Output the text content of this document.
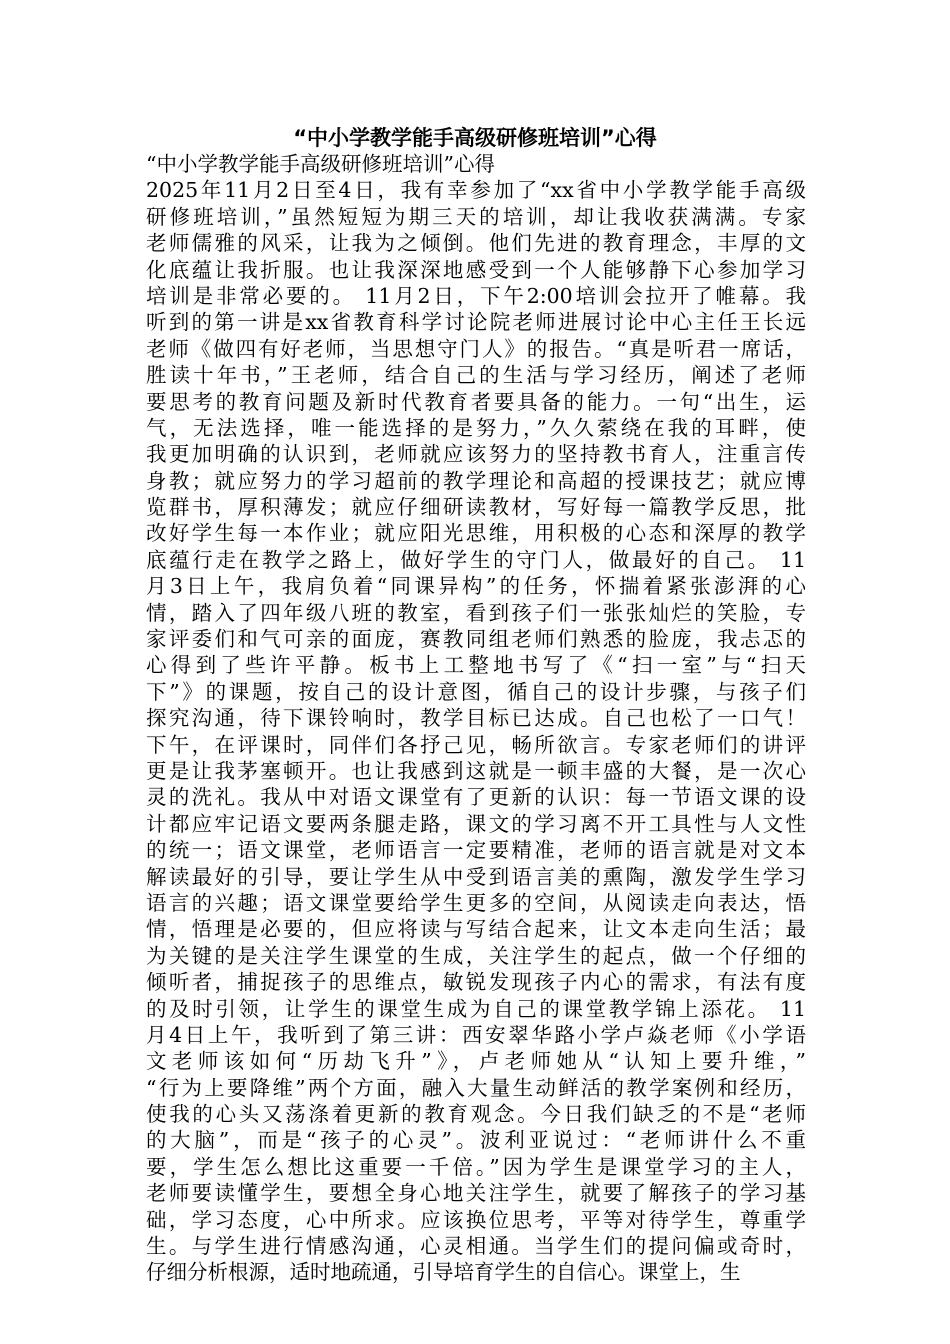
“中小学教学能手高级研修班培训”心得
“中小学教学能手高级研修班培训”心得
2025年11月2日至4日，我有幸参加了“xx省中小学教学能手高级
研修班培训，”虽然短短为期三天的培训，却让我收获满满。专家
老师儒雅的风采，让我为之倾倒。他们先进的教育理念，丰厚的文
化底蕴让我折服。也让我深深地感受到一个人能够静下心参加学习
培训是非常必要的。 11月2日，下午2:00培训会拉开了帷幕。我
听到的第一讲是xx省教育科学讨论院老师进展讨论中心主任王长远
老师《做四有好老师，当思想守门人》的报告。“真是听君一席话，
胜读十年书，”王老师，结合自己的生活与学习经历，阐述了老师
要思考的教育问题及新时代教育者要具备的能力。一句“出生，运
气，无法选择，唯一能选择的是努力，”久久萦绕在我的耳畔，使
我更加明确的认识到，老师就应该努力的坚持教书育人，注重言传
身教；就应努力的学习超前的教学理论和高超的授课技艺；就应博
览群书，厚积薄发；就应仔细研读教材，写好每一篇教学反思，批
改好学生每一本作业；就应阳光思维，用积极的心态和深厚的教学
底蕴行走在教学之路上，做好学生的守门人，做最好的自己。 11
月3日上午，我肩负着“同课异构”的任务，怀揣着紧张澎湃的心
情，踏入了四年级八班的教室，看到孩子们一张张灿烂的笑脸，专
家评委们和气可亲的面庞，赛教同组老师们熟悉的脸庞，我忐忑的
心得到了些许平静。板书上工整地书写了《“扫一室”与“扫天
下”》的课题，按自己的设计意图，循自己的设计步骤，与孩子们
探究沟通，待下课铃响时，教学目标已达成。自己也松了一口气！
下午，在评课时，同伴们各抒己见，畅所欲言。专家老师们的讲评
更是让我茅塞顿开。也让我感到这就是一顿丰盛的大餐，是一次心
灵的洗礼。我从中对语文课堂有了更新的认识：每一节语文课的设
计都应牢记语文要两条腿走路，课文的学习离不开工具性与人文性
的统一；语文课堂，老师语言一定要精准，老师的语言就是对文本
解读最好的引导，要让学生从中受到语言美的熏陶，激发学生学习
语言的兴趣；语文课堂要给学生更多的空间，从阅读走向表达，悟
情，悟理是必要的，但应将读与写结合起来，让文本走向生活；最
为关键的是关注学生课堂的生成，关注学生的起点，做一个仔细的
倾听者，捕捉孩子的思维点，敏锐发现孩子内心的需求，有法有度
的及时引领，让学生的课堂生成为自己的课堂教学锦上添花。 11
月4日上午，我听到了第三讲：西安翠华路小学卢焱老师《小学语
文老师该如何“历劫飞升”》，卢老师她从“认知上要升维，”
“行为上要降维”两个方面，融入大量生动鲜活的教学案例和经历，
使我的心头又荡涤着更新的教育观念。今日我们缺乏的不是“老师
的大脑”，而是“孩子的心灵”。波利亚说过：“老师讲什么不重
要，学生怎么想比这重要一千倍。”因为学生是课堂学习的主人，
老师要读懂学生，要想全身心地关注学生，就要了解孩子的学习基
础，学习态度，心中所求。应该换位思考，平等对待学生，尊重学
生。与学生进行情感沟通，心灵相通。当学生们的提问偏或奇时，
仔细分析根源，适时地疏通，引导培育学生的自信心。课堂上，生
